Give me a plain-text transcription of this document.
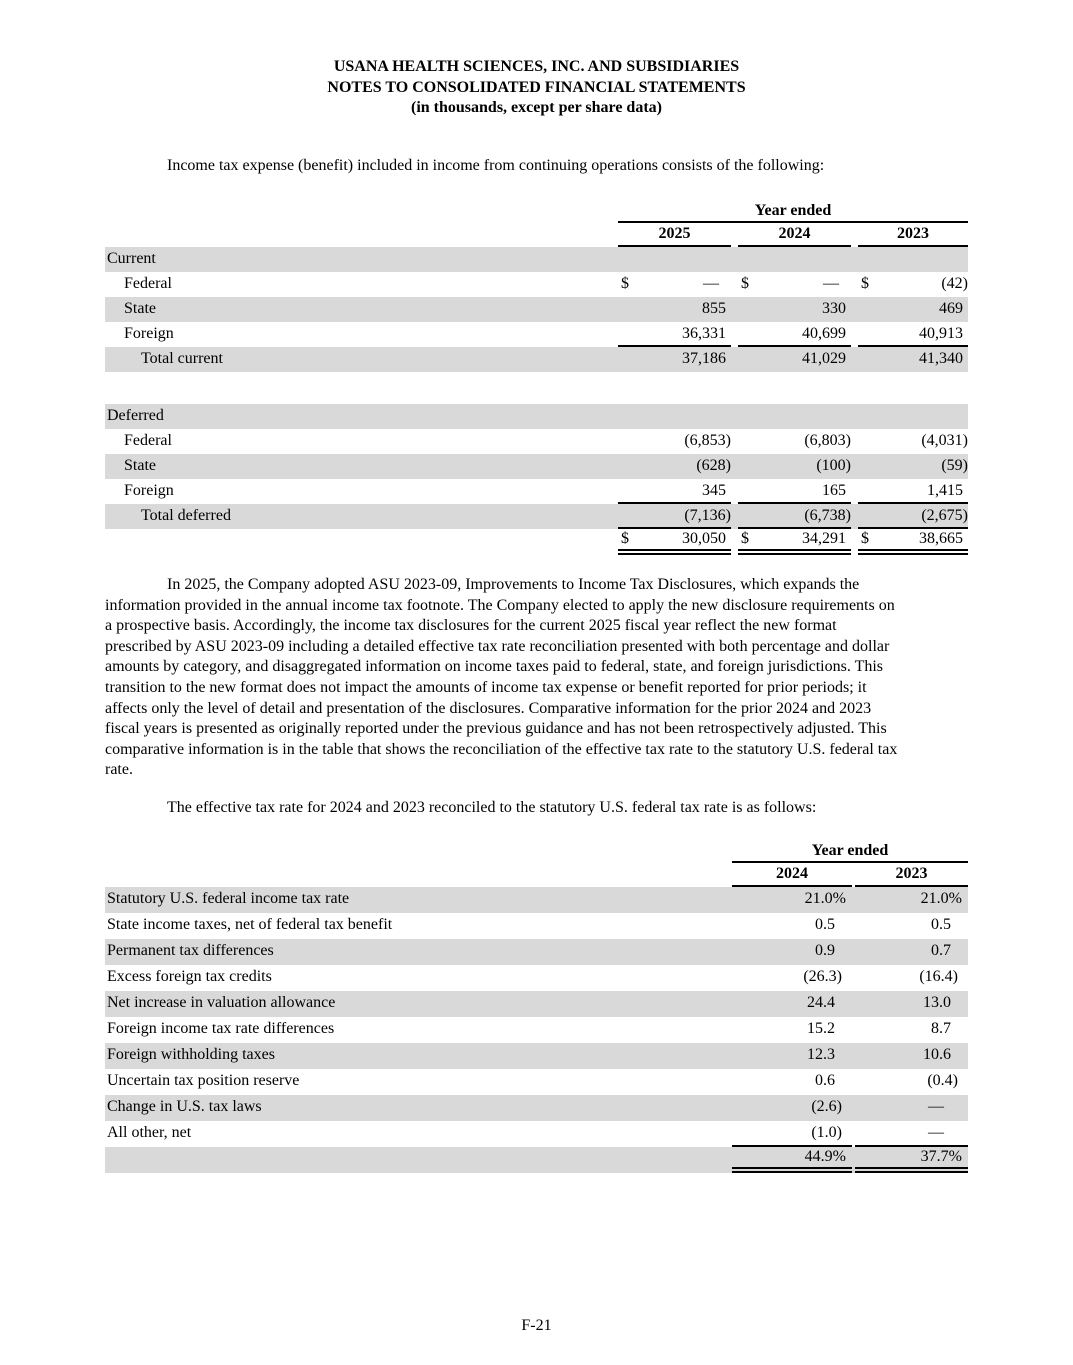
USANA HEALTH SCIENCES, INC. AND SUBSIDIARIES
NOTES TO CONSOLIDATED FINANCIAL STATEMENTS
(in thousands, except per share data)
Income tax expense (benefit) included in income from continuing operations consists of the following:
Year ended
2025	2024	2023
Current
Federal	$	—	$	—	$	(42)
State	855	330	469
Foreign	36,331	40,699	40,913
Total current	37,186	41,029	41,340
Deferred
Federal	(6,853)	(6,803)	(4,031)
State	(628)	(100)	(59)
Foreign	345	165	1,415
Total deferred	(7,136)	(6,738)	(2,675)
$	30,050 $	34,291 $	38,665
In 2025, the Company adopted ASU 2023-09, Improvements to Income Tax Disclosures, which expands the
information provided in the annual income tax footnote. The Company elected to apply the new disclosure requirements on
a prospective basis. Accordingly, the income tax disclosures for the current 2025 fiscal year reflect the new format
prescribed by ASU 2023-09 including a detailed effective tax rate reconciliation presented with both percentage and dollar
amounts by category, and disaggregated information on income taxes paid to federal, state, and foreign jurisdictions. This
transition to the new format does not impact the amounts of income tax expense or benefit reported for prior periods; it
affects only the level of detail and presentation of the disclosures. Comparative information for the prior 2024 and 2023
fiscal years is presented as originally reported under the previous guidance and has not been retrospectively adjusted. This
comparative information is in the table that shows the reconciliation of the effective tax rate to the statutory U.S. federal tax
rate.
The effective tax rate for 2024 and 2023 reconciled to the statutory U.S. federal tax rate is as follows:
Year ended
2024	2023
Statutory U.S. federal income tax rate	21.0%	21.0%
State income taxes, net of federal tax benefit	0.5	0.5
Permanent tax differences	0.9	0.7
Excess foreign tax credits	(26.3)	(16.4)
Net increase in valuation allowance	24.4	13.0
Foreign income tax rate differences	15.2	8.7
Foreign withholding taxes	12.3	10.6
Uncertain tax position reserve	0.6	(0.4)
Change in U.S. tax laws	(2.6)	—
All other, net	(1.0)	—
44.9%	37.7%
F-21
